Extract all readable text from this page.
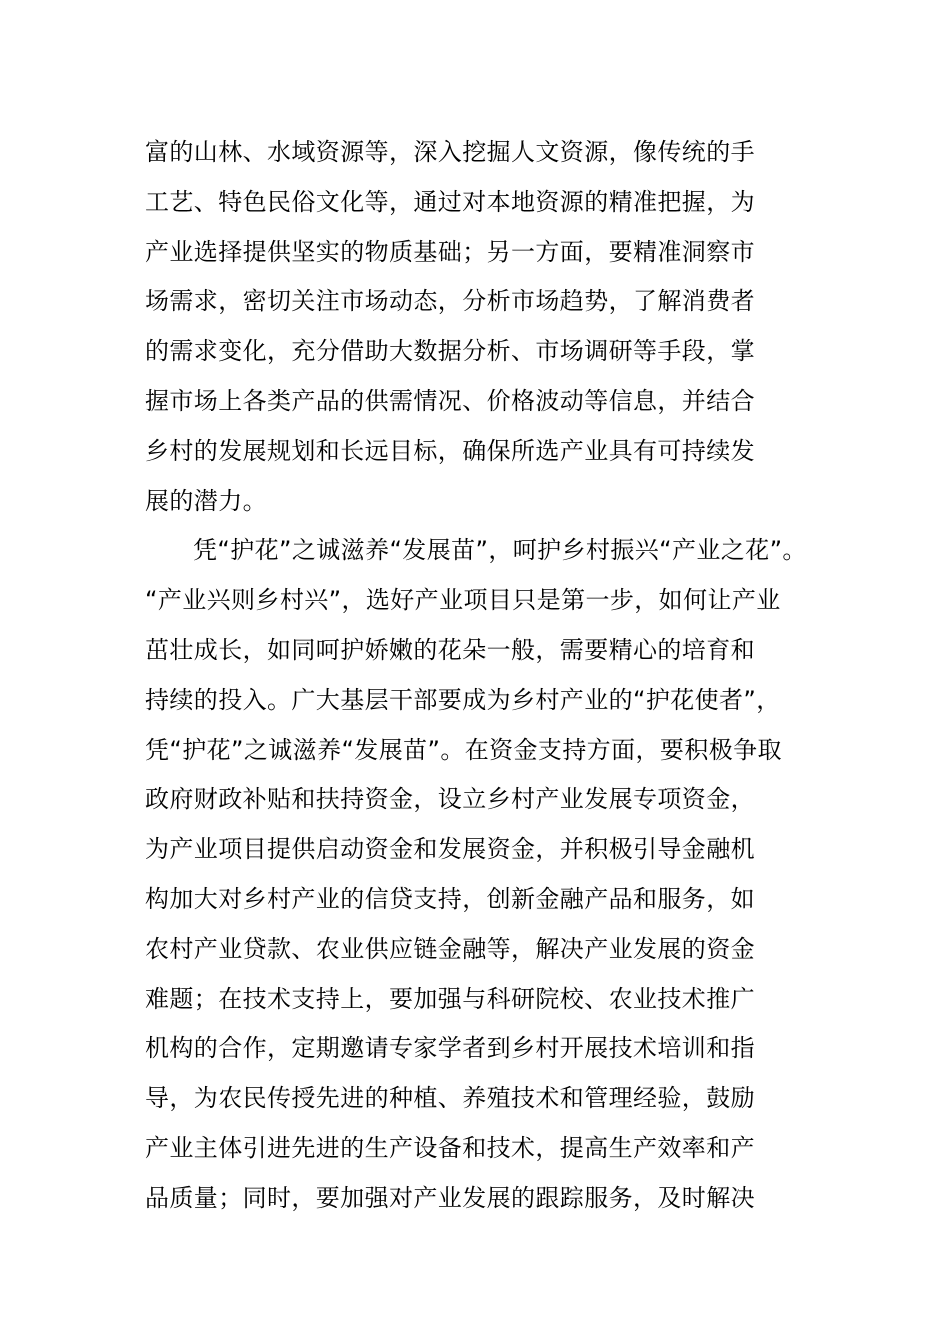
富的山林、水域资源等，深入挖掘人文资源，像传统的手
工艺、特色民俗文化等，通过对本地资源的精准把握，为
产业选择提供坚实的物质基础；另一方面，要精准洞察市
场需求，密切关注市场动态，分析市场趋势，了解消费者
的需求变化，充分借助大数据分析、市场调研等手段，掌
握市场上各类产品的供需情况、价格波动等信息，并结合
乡村的发展规划和长远目标，确保所选产业具有可持续发
展的潜力。
凭“护花”之诚滋养“发展苗”，呵护乡村振兴“产业之花”。
“产业兴则乡村兴”，选好产业项目只是第一步，如何让产业
茁壮成长，如同呵护娇嫩的花朵一般，需要精心的培育和
持续的投入。广大基层干部要成为乡村产业的“护花使者”，
凭“护花”之诚滋养“发展苗”。在资金支持方面，要积极争取
政府财政补贴和扶持资金，设立乡村产业发展专项资金，
为产业项目提供启动资金和发展资金，并积极引导金融机
构加大对乡村产业的信贷支持，创新金融产品和服务，如
农村产业贷款、农业供应链金融等，解决产业发展的资金
难题；在技术支持上，要加强与科研院校、农业技术推广
机构的合作，定期邀请专家学者到乡村开展技术培训和指
导，为农民传授先进的种植、养殖技术和管理经验，鼓励
产业主体引进先进的生产设备和技术，提高生产效率和产
品质量；同时，要加强对产业发展的跟踪服务，及时解决
